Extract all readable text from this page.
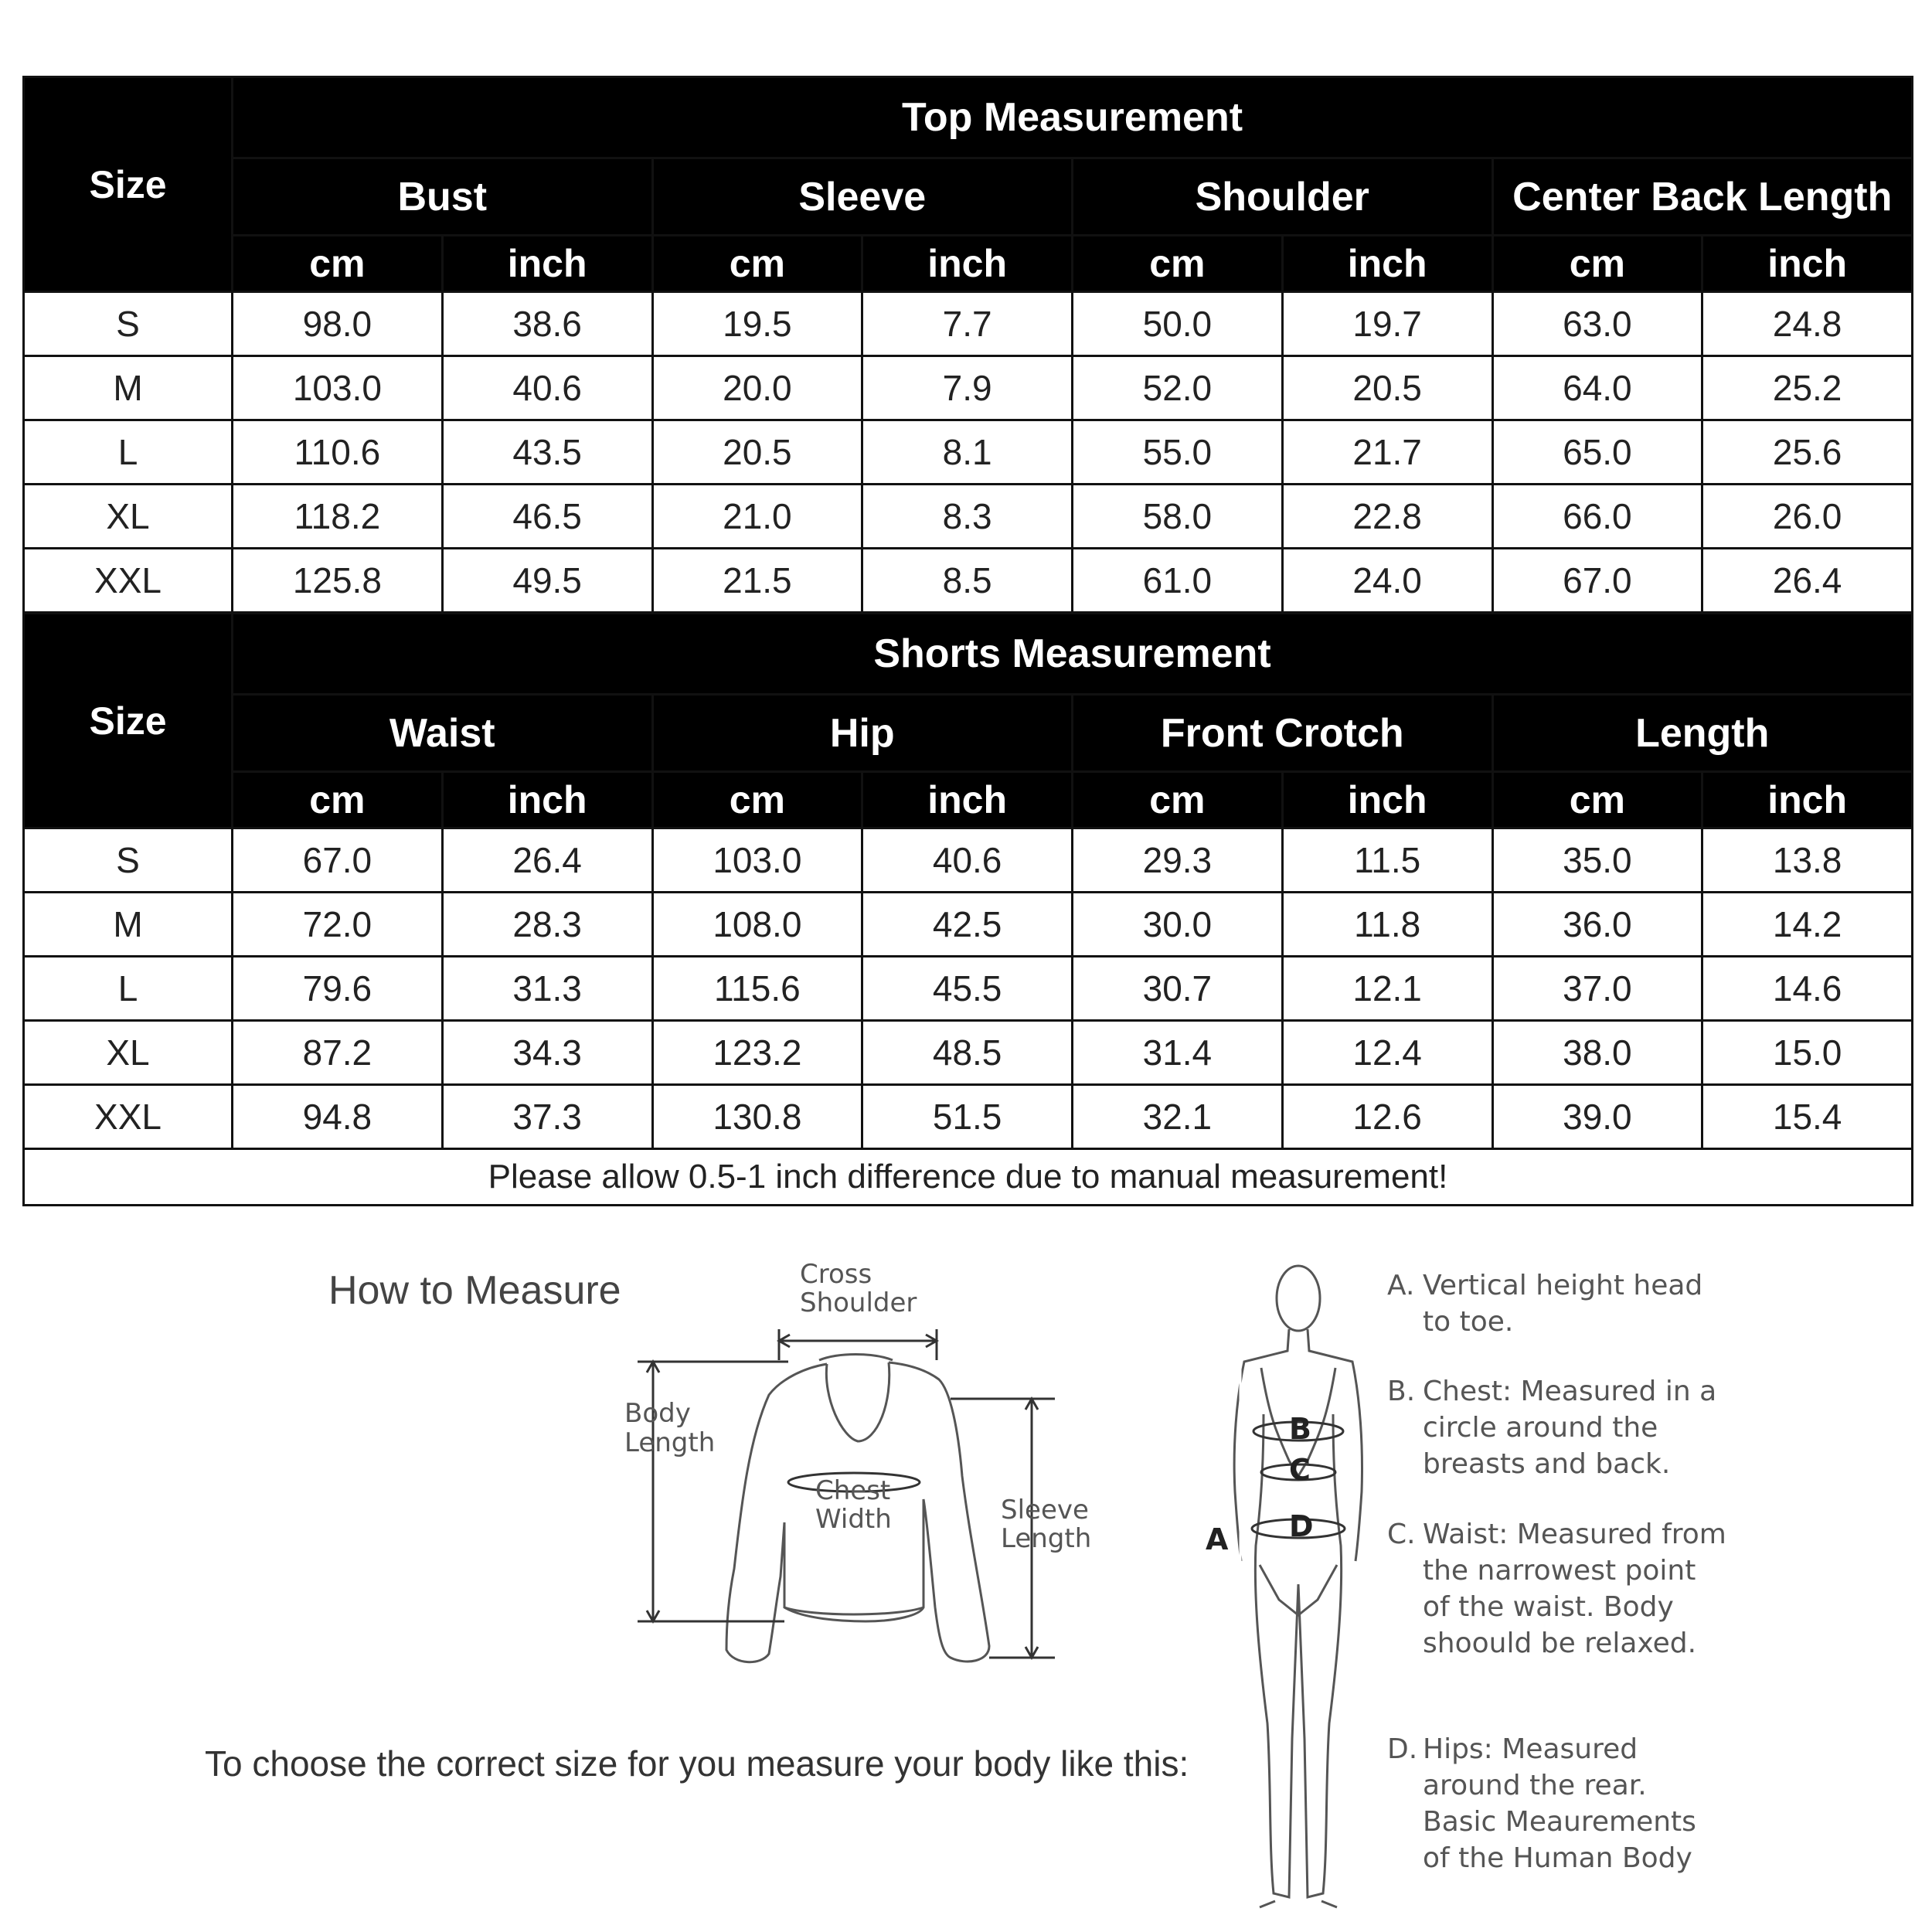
Size	Top Measurement							
	Bust		Sleeve		Shoulder		Center Back Length	
	cm	inch	cm	inch	cm	inch	cm	inch
S	98.0	38.6	19.5	7.7	50.0	19.7	63.0	24.8
M	103.0	40.6	20.0	7.9	52.0	20.5	64.0	25.2
L	110.6	43.5	20.5	8.1	55.0	21.7	65.0	25.6
XL	118.2	46.5	21.0	8.3	58.0	22.8	66.0	26.0
XXL	125.8	49.5	21.5	8.5	61.0	24.0	67.0	26.4
Size	Shorts Measurement							
	Waist		Hip		Front Crotch		Length	
	cm	inch	cm	inch	cm	inch	cm	inch
S	67.0	26.4	103.0	40.6	29.3	11.5	35.0	13.8
M	72.0	28.3	108.0	42.5	30.0	11.8	36.0	14.2
L	79.6	31.3	115.6	45.5	30.7	12.1	37.0	14.6
XL	87.2	34.3	123.2	48.5	31.4	12.4	38.0	15.0
XXL	94.8	37.3	130.8	51.5	32.1	12.6	39.0	15.4
Please allow 0.5-1 inch difference due to manual measurement!								
How to Measure
To choose the correct size for you measure your body like this:
Cross
Shoulder
Body
Length
Chest
Width	Sleeve
Length
B
C
D
A
A. Vertical height head to toe.
B. Chest: Measured in a circle around the breasts and back.
C. Waist: Measured from the narrowest point of the waist. Body shoould be relaxed.
D. Hips: Measured around the rear. Basic Meaurements of the Human Body
